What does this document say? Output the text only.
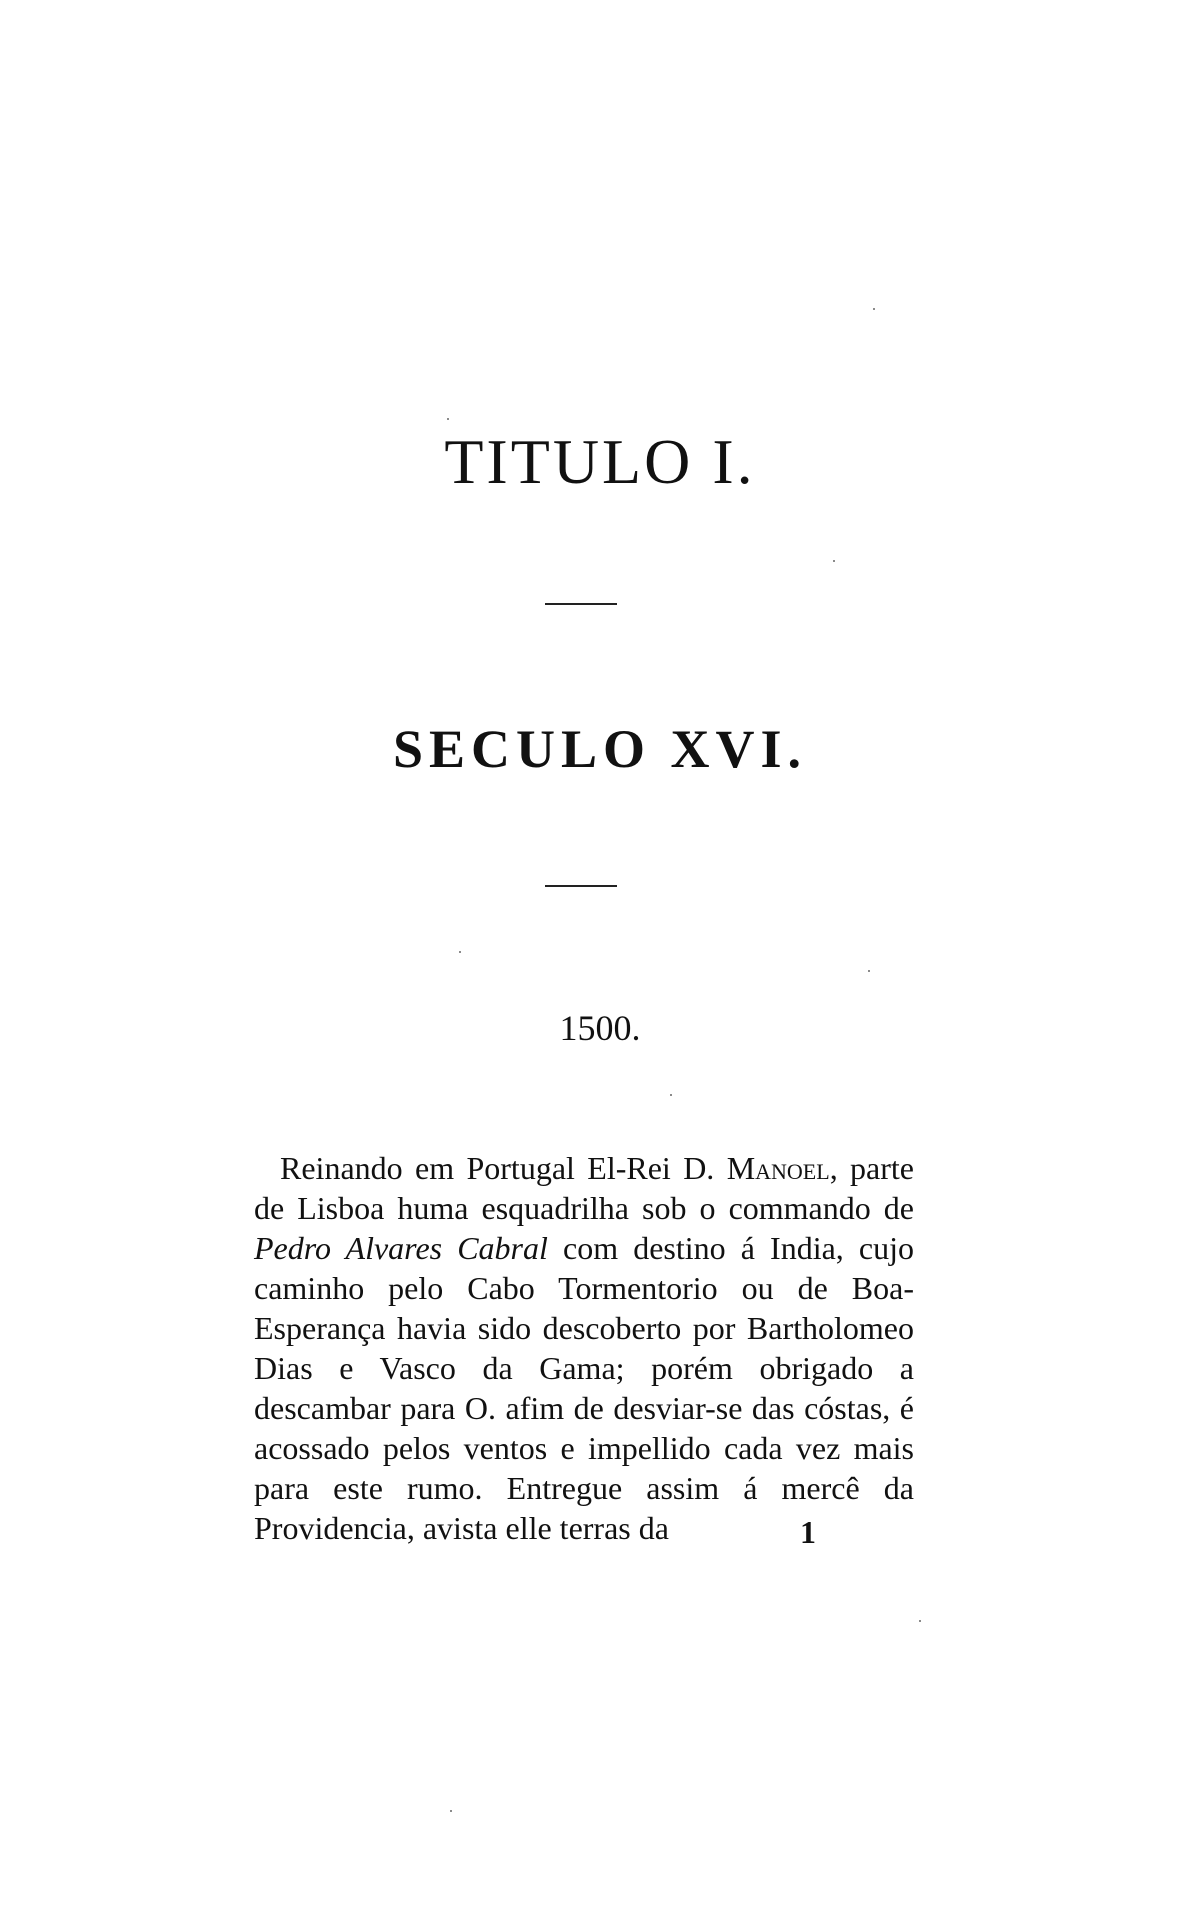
TITULO I.
SECULO XVI.
1500.

Reinando em Portugal El-Rei D. Manoel, parte de Lisboa huma esquadrilha sob o commando de Pedro Alvares Cabral com destino á India, cujo caminho pelo Cabo Tormentorio ou de Boa-Esperança havia sido descoberto por Bartholomeo Dias e Vasco da Gama; porém obrigado a descambar para O. afim de desviar-se das cóstas, é acossado pelos ventos e impellido cada vez mais para este rumo. Entregue assim á mercê da Providencia, avista elle terras da	1
